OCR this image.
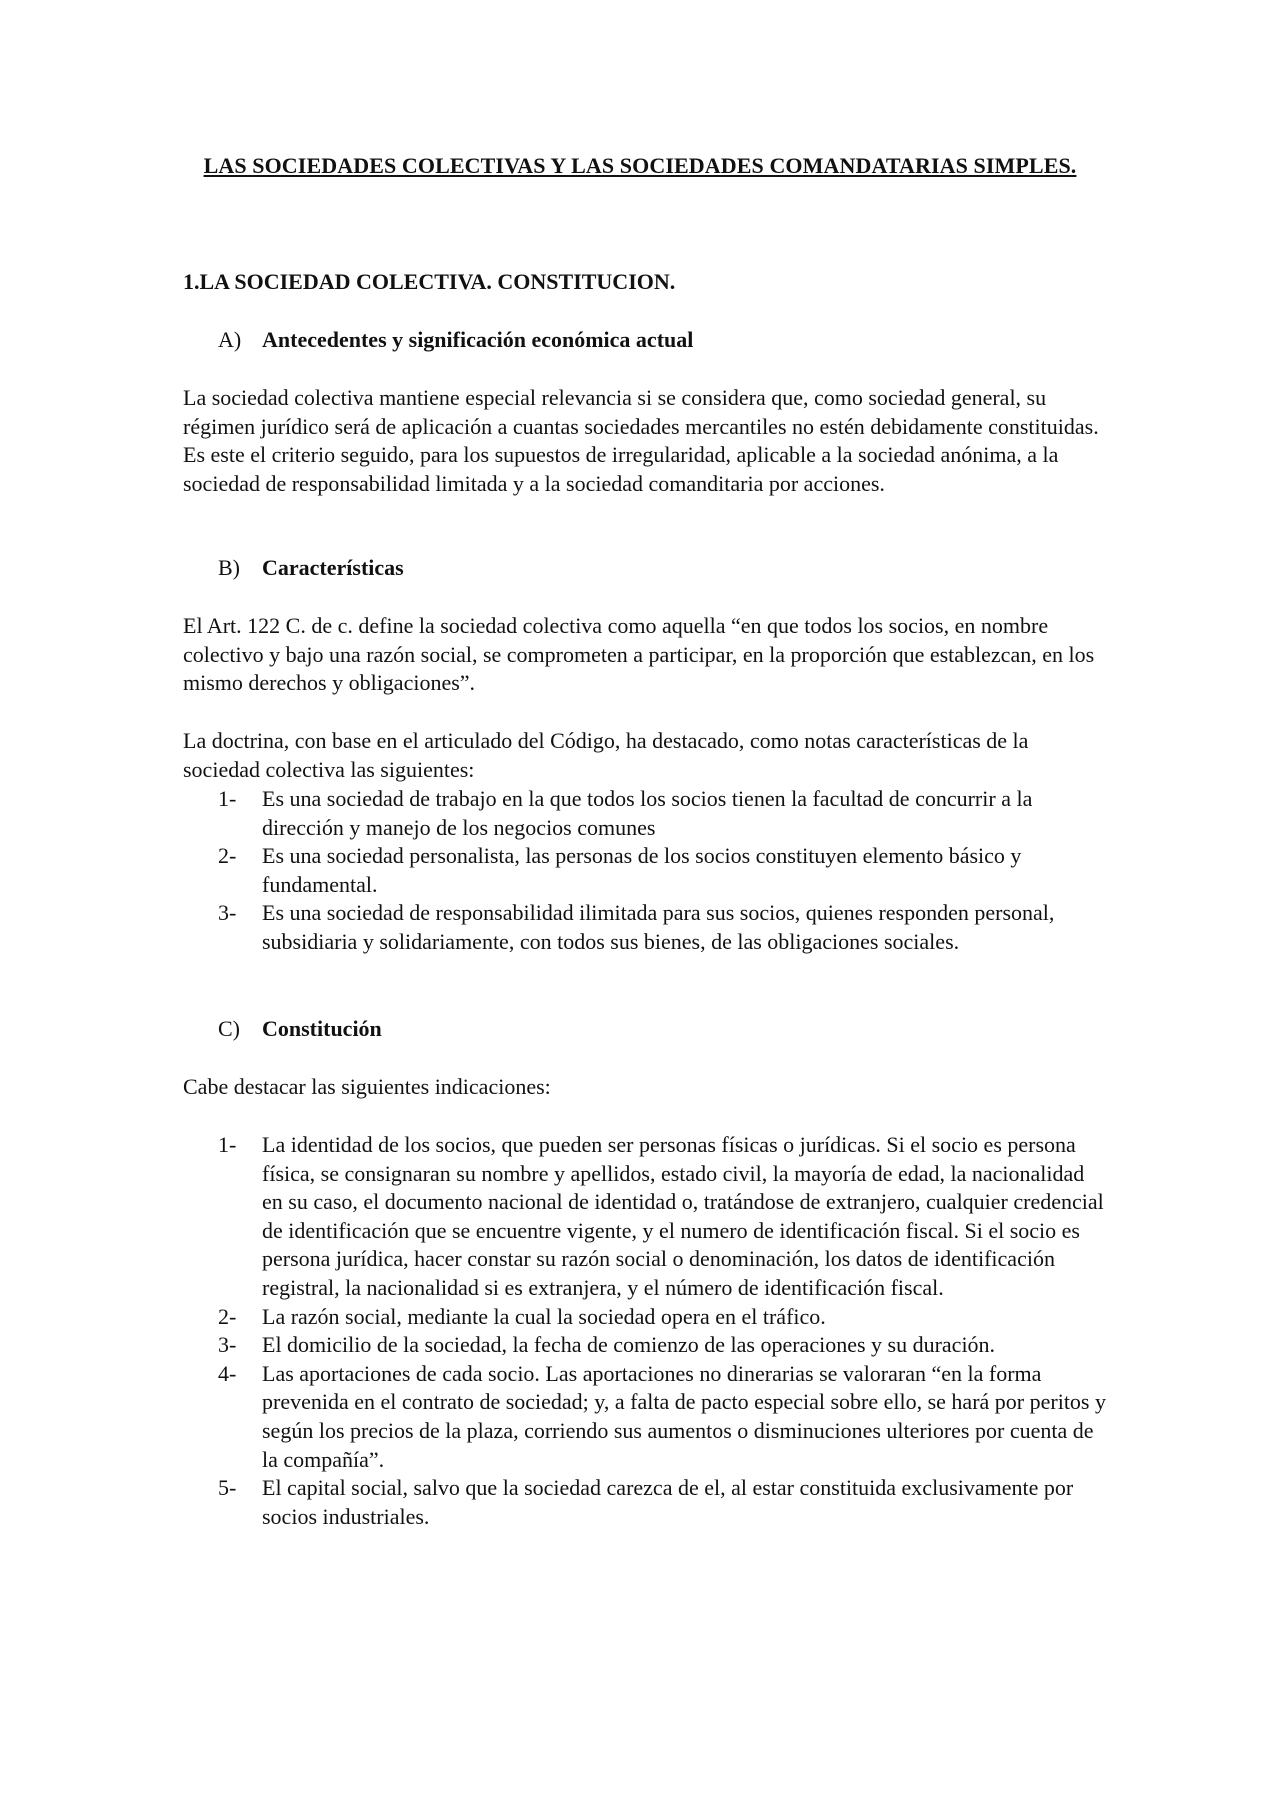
LAS SOCIEDADES COLECTIVAS Y LAS SOCIEDADES COMANDATARIAS SIMPLES.
1.LA SOCIEDAD COLECTIVA. CONSTITUCION.
A) Antecedentes y significación económica actual

La sociedad colectiva mantiene especial relevancia si se considera que, como sociedad general, su régimen jurídico será de aplicación a cuantas sociedades mercantiles no estén debidamente constituidas. Es este el criterio seguido, para los supuestos de irregularidad, aplicable a la sociedad anónima, a la sociedad de responsabilidad limitada y a la sociedad comanditaria por acciones.

B) Características

El Art. 122 C. de c. define la sociedad colectiva como aquella “en que todos los socios, en nombre colectivo y bajo una razón social, se comprometen a participar, en la proporción que establezcan, en los mismo derechos y obligaciones”.

La doctrina, con base en el articulado del Código, ha destacado, como notas características de la sociedad colectiva las siguientes:

1- Es una sociedad de trabajo en la que todos los socios tienen la facultad de concurrir a la dirección y manejo de los negocios comunes
2- Es una sociedad personalista, las personas de los socios constituyen elemento básico y fundamental.
3- Es una sociedad de responsabilidad ilimitada para sus socios, quienes responden personal, subsidiaria y solidariamente, con todos sus bienes, de las obligaciones sociales.
C) Constitución

Cabe destacar las siguientes indicaciones:

1- La identidad de los socios, que pueden ser personas físicas o jurídicas. Si el socio es persona física, se consignaran su nombre y apellidos, estado civil, la mayoría de edad, la nacionalidad en su caso, el documento nacional de identidad o, tratándose de extranjero, cualquier credencial de identificación que se encuentre vigente, y el numero de identificación fiscal. Si el socio es persona jurídica, hacer constar su razón social o denominación, los datos de identificación registral, la nacionalidad si es extranjera, y el número de identificación fiscal.
2- La razón social, mediante la cual la sociedad opera en el tráfico.
3- El domicilio de la sociedad, la fecha de comienzo de las operaciones y su duración.
4- Las aportaciones de cada socio. Las aportaciones no dinerarias se valoraran “en la forma prevenida en el contrato de sociedad; y, a falta de pacto especial sobre ello, se hará por peritos y según los precios de la plaza, corriendo sus aumentos o disminuciones ulteriores por cuenta de la compañía”.
5- El capital social, salvo que la sociedad carezca de el, al estar constituida exclusivamente por socios industriales.
